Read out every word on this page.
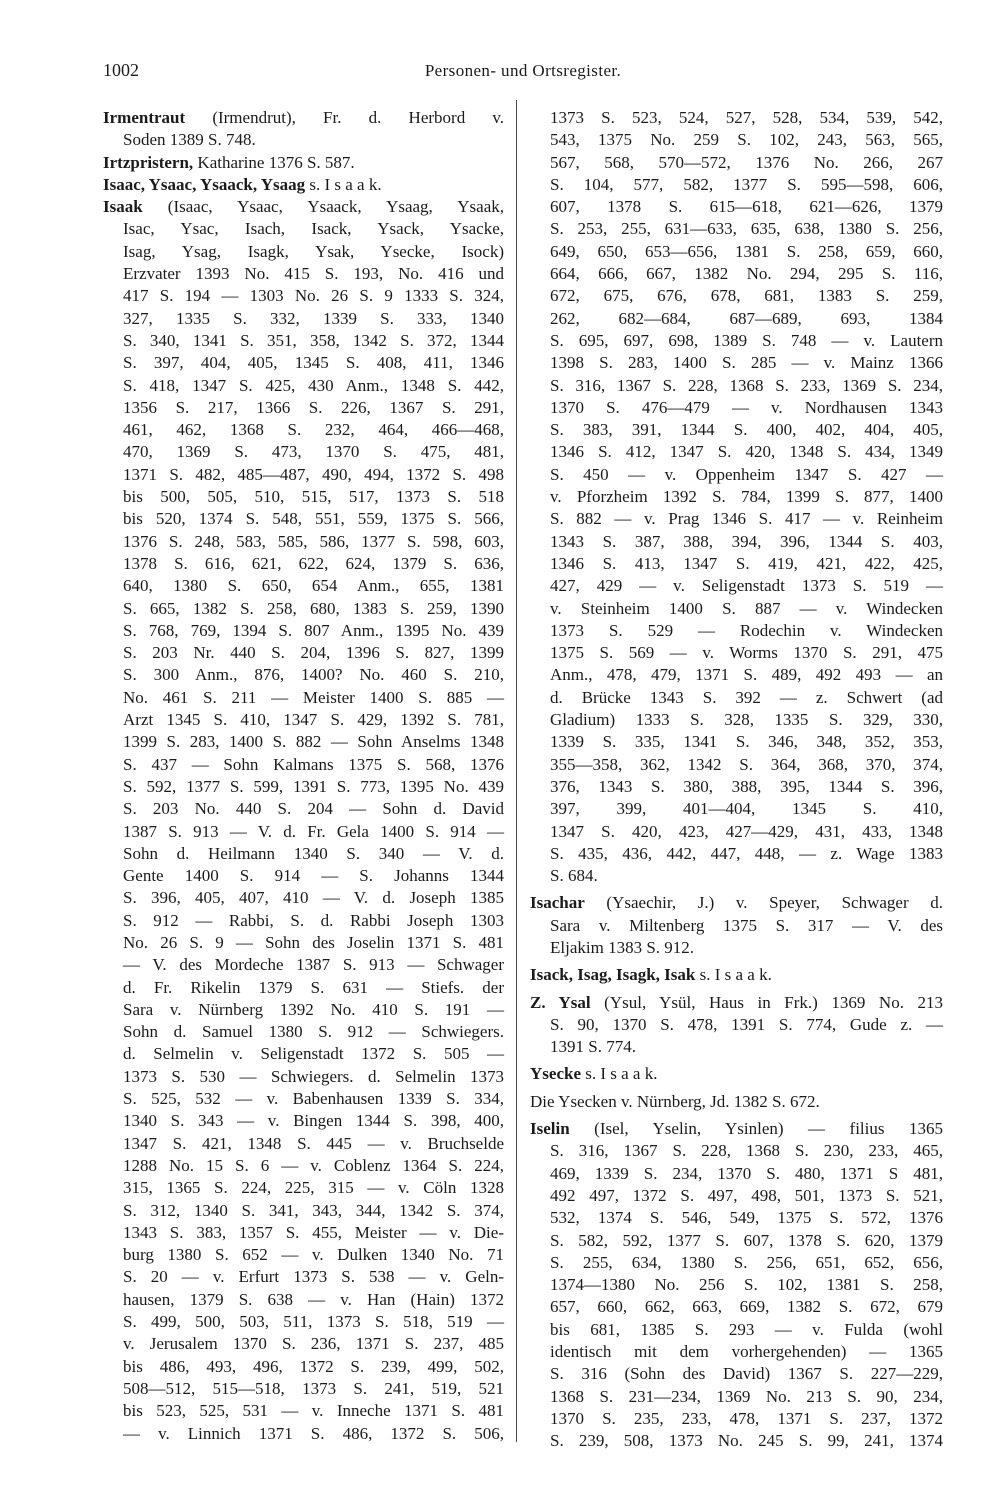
1002	Personen- und Ortsregister.
Irmentraut (Irmendrut), Fr. d. Herbord v.
Soden 1389 S. 748.
Irtzpristern, Katharine 1376 S. 587.
Isaac, Ysaac, Ysaack, Ysaag s. I s a a k.
Isaak (Isaac, Ysaac, Ysaack, Ysaag, Ysaak,
Isac, Ysac, Isach, Isack, Ysack, Ysacke,
Isag, Ysag, Isagk, Ysak, Ysecke, Isock)
Erzvater 1393 No. 415 S. 193, No. 416 und
417 S. 194 — 1303 No. 26 S. 9 1333 S. 324,
327, 1335 S. 332, 1339 S. 333, 1340
S. 340, 1341 S. 351, 358, 1342 S. 372, 1344
S. 397, 404, 405, 1345 S. 408, 411, 1346
S. 418, 1347 S. 425, 430 Anm., 1348 S. 442,
1356 S. 217, 1366 S. 226, 1367 S. 291,
461, 462, 1368 S. 232, 464, 466—468,
470, 1369 S. 473, 1370 S. 475, 481,
1371 S. 482, 485—487, 490, 494, 1372 S. 498
bis 500, 505, 510, 515, 517, 1373 S. 518
bis 520, 1374 S. 548, 551, 559, 1375 S. 566,
1376 S. 248, 583, 585, 586, 1377 S. 598, 603,
1378 S. 616, 621, 622, 624, 1379 S. 636,
640, 1380 S. 650, 654 Anm., 655, 1381
S. 665, 1382 S. 258, 680, 1383 S. 259, 1390
S. 768, 769, 1394 S. 807 Anm., 1395 No. 439
S. 203 Nr. 440 S. 204, 1396 S. 827, 1399
S. 300 Anm., 876, 1400? No. 460 S. 210,
No. 461 S. 211 — Meister 1400 S. 885 —
Arzt 1345 S. 410, 1347 S. 429, 1392 S. 781,
1399 S. 283, 1400 S. 882 — Sohn Anselms 1348
S. 437 — Sohn Kalmans 1375 S. 568, 1376
S. 592, 1377 S. 599, 1391 S. 773, 1395 No. 439
S. 203 No. 440 S. 204 — Sohn d. David
1387 S. 913 — V. d. Fr. Gela 1400 S. 914 —
Sohn d. Heilmann 1340 S. 340 — V. d.
Gente 1400 S. 914 — S. Johanns 1344
S. 396, 405, 407, 410 — V. d. Joseph 1385
S. 912 — Rabbi, S. d. Rabbi Joseph 1303
No. 26 S. 9 — Sohn des Joselin 1371 S. 481
— V. des Mordeche 1387 S. 913 — Schwager
d. Fr. Rikelin 1379 S. 631 — Stiefs. der
Sara v. Nürnberg 1392 No. 410 S. 191 —
Sohn d. Samuel 1380 S. 912 — Schwiegers.
d. Selmelin v. Seligenstadt 1372 S. 505 —
1373 S. 530 — Schwiegers. d. Selmelin 1373
S. 525, 532 — v. Babenhausen 1339 S. 334,
1340 S. 343 — v. Bingen 1344 S. 398, 400,
1347 S. 421, 1348 S. 445 — v. Bruchselde
1288 No. 15 S. 6 — v. Coblenz 1364 S. 224,
315, 1365 S. 224, 225, 315 — v. Cöln 1328
S. 312, 1340 S. 341, 343, 344, 1342 S. 374,
1343 S. 383, 1357 S. 455, Meister — v. Die-
burg 1380 S. 652 — v. Dulken 1340 No. 71
S. 20 — v. Erfurt 1373 S. 538 — v. Geln-
hausen, 1379 S. 638 — v. Han (Hain) 1372
S. 499, 500, 503, 511, 1373 S. 518, 519 —
v. Jerusalem 1370 S. 236, 1371 S. 237, 485
bis 486, 493, 496, 1372 S. 239, 499, 502,
508—512, 515—518, 1373 S. 241, 519, 521
bis 523, 525, 531 — v. Inneche 1371 S. 481
— v. Linnich 1371 S. 486, 1372 S. 506,
1373 S. 523, 524, 527, 528, 534, 539, 542,
543, 1375 No. 259 S. 102, 243, 563, 565,
567, 568, 570—572, 1376 No. 266, 267
S. 104, 577, 582, 1377 S. 595—598, 606,
607, 1378 S. 615—618, 621—626, 1379
S. 253, 255, 631—633, 635, 638, 1380 S. 256,
649, 650, 653—656, 1381 S. 258, 659, 660,
664, 666, 667, 1382 No. 294, 295 S. 116,
672, 675, 676, 678, 681, 1383 S. 259,
262, 682—684, 687—689, 693, 1384
S. 695, 697, 698, 1389 S. 748 — v. Lautern
1398 S. 283, 1400 S. 285 — v. Mainz 1366
S. 316, 1367 S. 228, 1368 S. 233, 1369 S. 234,
1370 S. 476—479 — v. Nordhausen 1343
S. 383, 391, 1344 S. 400, 402, 404, 405,
1346 S. 412, 1347 S. 420, 1348 S. 434, 1349
S. 450 — v. Oppenheim 1347 S. 427 —
v. Pforzheim 1392 S. 784, 1399 S. 877, 1400
S. 882 — v. Prag 1346 S. 417 — v. Reinheim
1343 S. 387, 388, 394, 396, 1344 S. 403,
1346 S. 413, 1347 S. 419, 421, 422, 425,
427, 429 — v. Seligenstadt 1373 S. 519 —
v. Steinheim 1400 S. 887 — v. Windecken
1373 S. 529 — Rodechin v. Windecken
1375 S. 569 — v. Worms 1370 S. 291, 475
Anm., 478, 479, 1371 S. 489, 492 493 — an
d. Brücke 1343 S. 392 — z. Schwert (ad
Gladium) 1333 S. 328, 1335 S. 329, 330,
1339 S. 335, 1341 S. 346, 348, 352, 353,
355—358, 362, 1342 S. 364, 368, 370, 374,
376, 1343 S. 380, 388, 395, 1344 S. 396,
397, 399, 401—404, 1345 S. 410,
1347 S. 420, 423, 427—429, 431, 433, 1348
S. 435, 436, 442, 447, 448, — z. Wage 1383
S. 684.
Isachar (Ysaechir, J.) v. Speyer, Schwager d.
Sara v. Miltenberg 1375 S. 317 — V. des
Eljakim 1383 S. 912.
Isack, Isag, Isagk, Isak s. I s a a k.
Z. Ysal (Ysul, Ysül, Haus in Frk.) 1369 No. 213
S. 90, 1370 S. 478, 1391 S. 774, Gude z. —
1391 S. 774.
Ysecke s. I s a a k.
Die Ysecken v. Nürnberg, Jd. 1382 S. 672.
Iselin (Isel, Yselin, Ysinlen) — filius 1365
S. 316, 1367 S. 228, 1368 S. 230, 233, 465,
469, 1339 S. 234, 1370 S. 480, 1371 S 481,
492 497, 1372 S. 497, 498, 501, 1373 S. 521,
532, 1374 S. 546, 549, 1375 S. 572, 1376
S. 582, 592, 1377 S. 607, 1378 S. 620, 1379
S. 255, 634, 1380 S. 256, 651, 652, 656,
1374—1380 No. 256 S. 102, 1381 S. 258,
657, 660, 662, 663, 669, 1382 S. 672, 679
bis 681, 1385 S. 293 — v. Fulda (wohl
identisch mit dem vorhergehenden) — 1365
S. 316 (Sohn des David) 1367 S. 227—229,
1368 S. 231—234, 1369 No. 213 S. 90, 234,
1370 S. 235, 233, 478, 1371 S. 237, 1372
S. 239, 508, 1373 No. 245 S. 99, 241, 1374
